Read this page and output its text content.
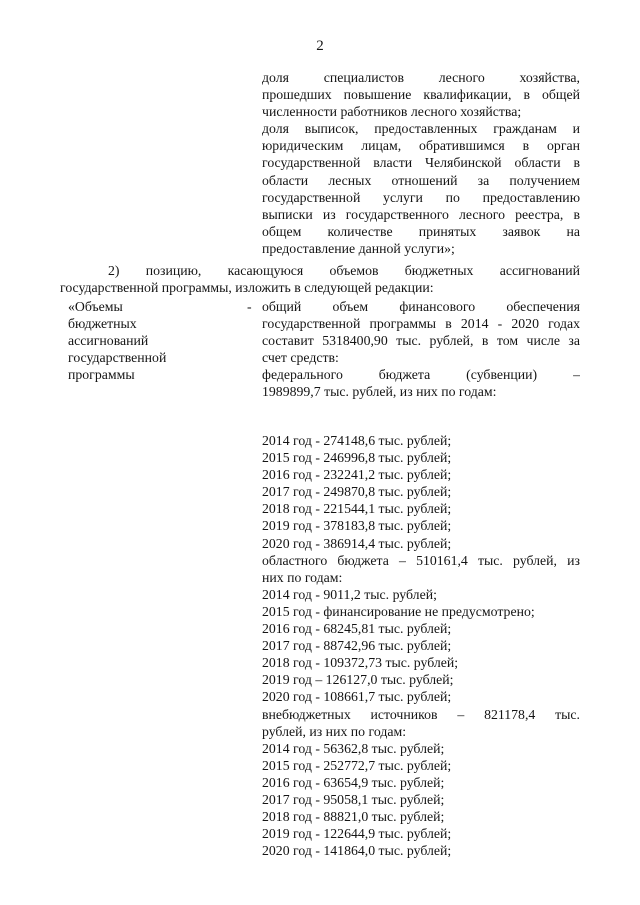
2
доля специалистов лесного хозяйства,
прошедших повышение квалификации, в общей
численности работников лесного хозяйства;
доля выписок, предоставленных гражданам и
юридическим лицам, обратившимся в орган
государственной власти Челябинской области в
области лесных отношений за получением
государственной услуги по предоставлению
выписки из государственного лесного реестра, в
общем количестве принятых заявок на
предоставление данной услуги»;
2) позицию, касающуюся объемов бюджетных ассигнований
государственной программы, изложить в следующей редакции:
«Объемы
бюджетных
ассигнований
государственной
программы
- общий объем финансового обеспечения
государственной программы в 2014 - 2020 годах
составит 5318400,90 тыс. рублей, в том числе за
счет средств:
федерального бюджета (субвенции) –
1989899,7 тыс. рублей, из них по годам:
2014 год - 274148,6 тыс. рублей;
2015 год - 246996,8 тыс. рублей;
2016 год - 232241,2 тыс. рублей;
2017 год - 249870,8 тыс. рублей;
2018 год - 221544,1 тыс. рублей;
2019 год - 378183,8 тыс. рублей;
2020 год - 386914,4 тыс. рублей;
областного бюджета – 510161,4 тыс. рублей, из
них по годам:
2014 год - 9011,2 тыс. рублей;
2015 год - финансирование не предусмотрено;
2016 год - 68245,81 тыс. рублей;
2017 год - 88742,96 тыс. рублей;
2018 год - 109372,73 тыс. рублей;
2019 год – 126127,0 тыс. рублей;
2020 год - 108661,7 тыс. рублей;
внебюджетных источников – 821178,4 тыс.
рублей, из них по годам:
2014 год - 56362,8 тыс. рублей;
2015 год - 252772,7 тыс. рублей;
2016 год - 63654,9 тыс. рублей;
2017 год - 95058,1 тыс. рублей;
2018 год - 88821,0 тыс. рублей;
2019 год - 122644,9 тыс. рублей;
2020 год - 141864,0 тыс. рублей;
